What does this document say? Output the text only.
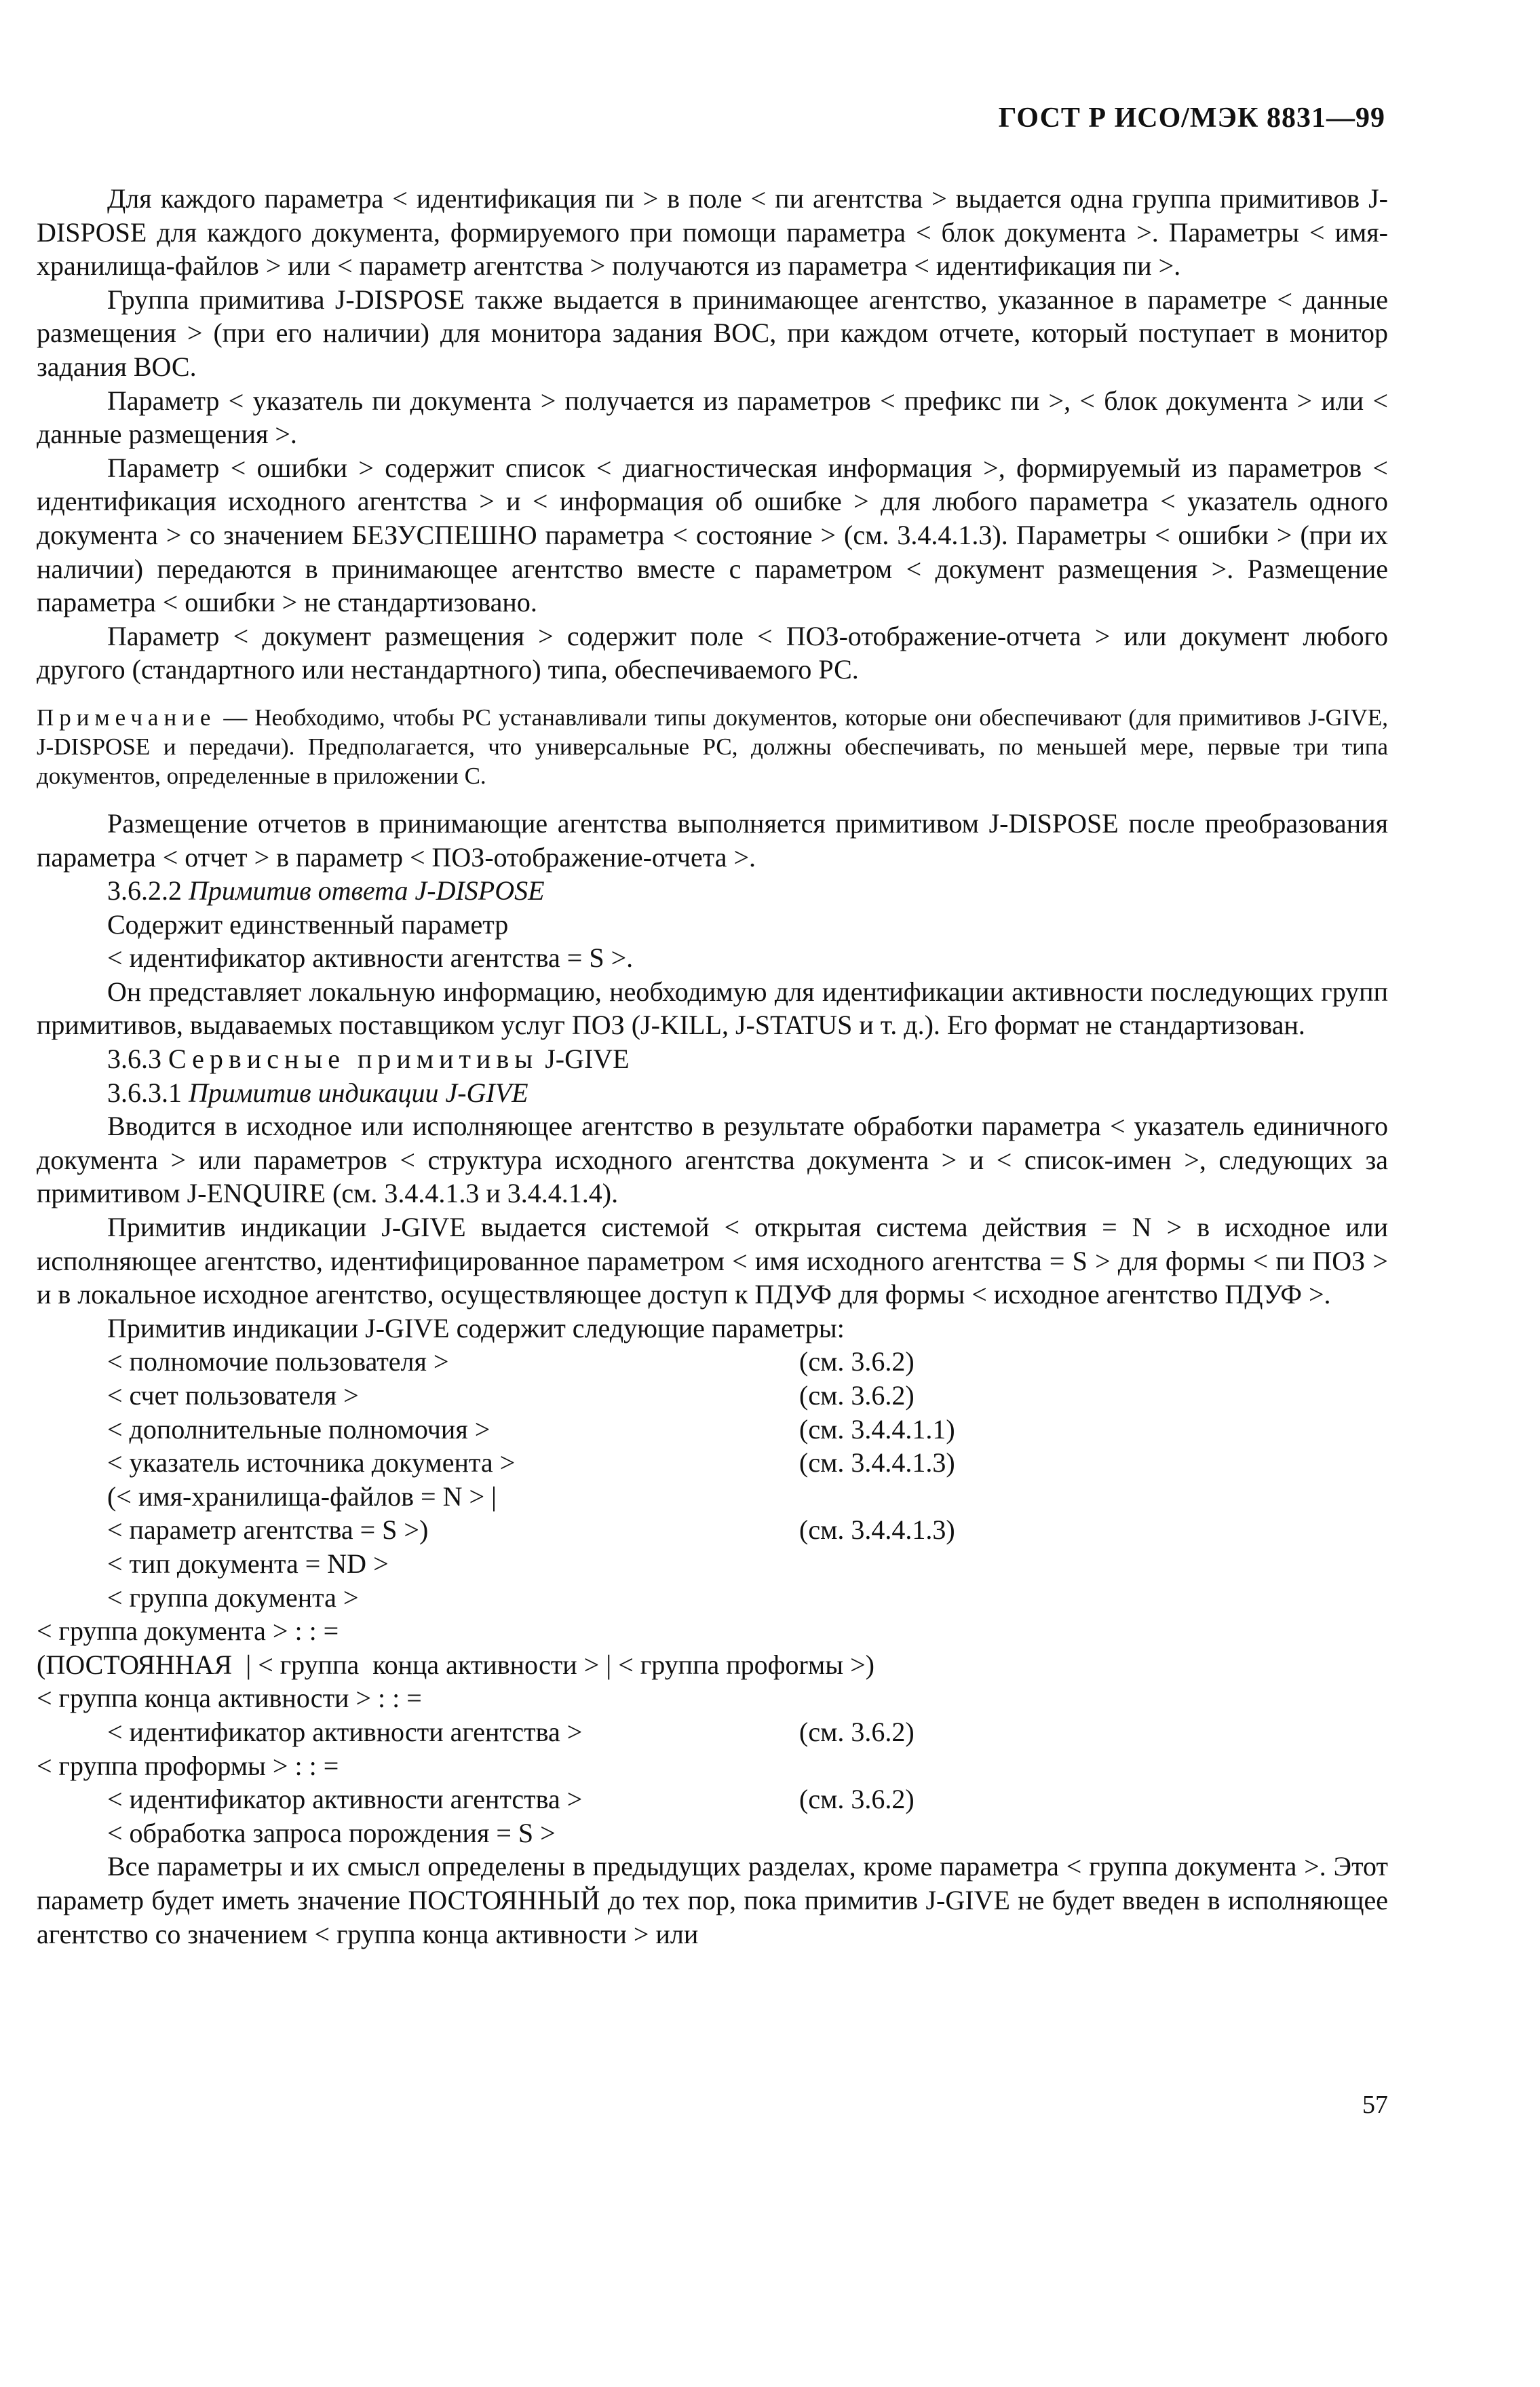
ГОСТ Р ИСО/МЭК 8831—99

Для каждого параметра < идентификация пи > в поле < пи агентства > выдается одна группа примитивов J-DISPOSE для каждого документа, формируемого при помощи параметра < блок документа >. Параметры < имя-хранилища-файлов > или < параметр агентства > получаются из параметра < идентификация пи >.

Группа примитива J-DISPOSE также выдается в принимающее агентство, указанное в параметре < данные размещения > (при его наличии) для монитора задания ВОС, при каждом отчете, который поступает в монитор задания ВОС.

Параметр < указатель пи документа > получается из параметров < префикс пи >, < блок документа > или < данные размещения >.

Параметр < ошибки > содержит список < диагностическая информация >, формируемый из параметров < идентификация исходного агентства > и < информация об ошибке > для любого параметра < указатель одного документа > со значением БЕЗУСПЕШНО параметра < состояние > (см. 3.4.4.1.3). Параметры < ошибки > (при их наличии) передаются в принимающее агентство вместе с параметром < документ размещения >. Размещение параметра < ошибки > не стандартизовано.

Параметр < документ размещения > содержит поле < ПОЗ-отображение-отчета > или документ любого другого (стандартного или нестандартного) типа, обеспечиваемого РС.

Примечание — Необходимо, чтобы РС устанавливали типы документов, которые они обеспечивают (для примитивов J-GIVE, J-DISPOSE и передачи). Предполагается, что универсальные РС, должны обеспечивать, по меньшей мере, первые три типа документов, определенные в приложении С.

Размещение отчетов в принимающие агентства выполняется примитивом J-DISPOSE после преобразования параметра < отчет > в параметр < ПОЗ-отображение-отчета >.

3.6.2.2 Примитив ответа J-DISPOSE

Содержит единственный параметр

< идентификатор активности агентства = S >.

Он представляет локальную информацию, необходимую для идентификации активности последующих групп примитивов, выдаваемых поставщиком услуг ПОЗ (J-KILL, J-STATUS и т. д.). Его формат не стандартизован.

3.6.3 Сервисные примитивы J-GIVE

3.6.3.1 Примитив индикации J-GIVE

Вводится в исходное или исполняющее агентство в результате обработки параметра < указатель единичного документа > или параметров < структура исходного агентства документа > и < список-имен >, следующих за примитивом J-ENQUIRE (см. 3.4.4.1.3 и 3.4.4.1.4).

Примитив индикации J-GIVE выдается системой < открытая система действия = N > в исходное или исполняющее агентство, идентифицированное параметром < имя исходного агентства = S > для формы < пи ПОЗ > и в локальное исходное агентство, осуществляющее доступ к ПДУФ для формы < исходное агентство ПДУФ >.

Примитив индикации J-GIVE содержит следующие параметры:

< полномочие пользователя >	(см. 3.6.2)
< счет пользователя >	(см. 3.6.2)
< дополнительные полномочия >	(см. 3.4.4.1.1)
< указатель источника документа >	(см. 3.4.4.1.3)
(< имя-хранилища-файлов = N > |
< параметр агентства = S >)	(см. 3.4.4.1.3)
< тип документа = ND >
< группа документа >
< группа документа > : : =
(ПОСТОЯННАЯ  | < группа  конца активности > | < группа профоrмы >)
< группа конца активности > : : =
< идентификатор активности агентства >	(см. 3.6.2)
< группа проформы > : : =
< идентификатор активности агентства >	(см. 3.6.2)
< обработка запроса порождения = S >

Все параметры и их смысл определены в предыдущих разделах, кроме параметра < группа документа >. Этот параметр будет иметь значение ПОСТОЯННЫЙ до тех пор, пока примитив J-GIVE не будет введен в исполняющее агентство со значением < группа конца активности > или

57
